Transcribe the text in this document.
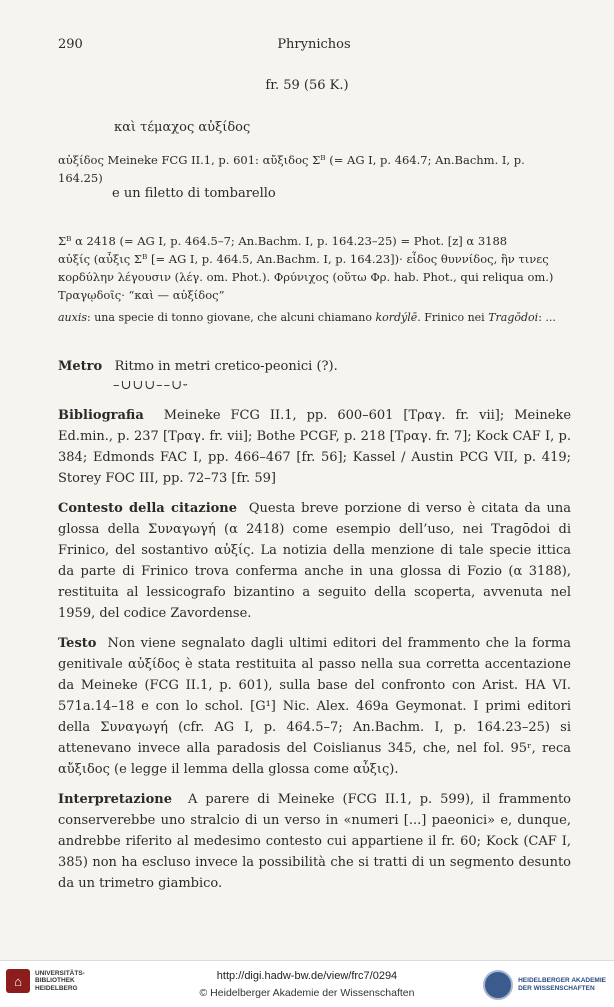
290	Phrynichos
fr. 59 (56 K.)
καὶ τέμαχος αὐξίδος

αὐξίδος Meineke FCG II.1, p. 601: αὔξιδος Σᴮ (= AG I, p. 464.7; An.Bachm. I, p. 164.25)

e un filetto di tombarello

Σᴮ α 2418 (= AG I, p. 464.5–7; An.Bachm. I, p. 164.23–25) = Phot. [z] α 3188

αὐξίς (αὖξις Σᴮ [= AG I, p. 464.5, An.Bachm. I, p. 164.23])· εἶδος θυννίδος, ἣν τινες

κορδύλην λέγουσιν (λέγ. om. Phot.). Φρύνιχος (οὕτω Φρ. hab. Phot., qui reliqua om.)

Τραγῳδοῖς· “καὶ — αὐξίδος”

auxis: una specie di tonno giovane, che alcuni chiamano kordýlē. Frinico nei Tragōdoi: ...
Metro Ritmo in metri cretico-peonici (?).
–∪∪∪––∪⏑

Bibliografia Meineke FCG II.1, pp. 600–601 [Τραγ. fr. vii]; Meineke Ed.min., p. 237 [Τραγ. fr. vii]; Bothe PCGF, p. 218 [Τραγ. fr. 7]; Kock CAF I, p. 384; Edmonds FAC I, pp. 466–467 [fr. 56]; Kassel / Austin PCG VII, p. 419; Storey FOC III, pp. 72–73 [fr. 59]

Contesto della citazione Questa breve porzione di verso è citata da una glossa della Συναγωγή (α 2418) come esempio dell’uso, nei Tragōdoi di Frinico, del sostantivo αὐξίς. La notizia della menzione di tale specie ittica da parte di Frinico trova conferma anche in una glossa di Fozio (α 3188), restituita al lessicografo bizantino a seguito della scoperta, avvenuta nel 1959, del codice Zavordense.

Testo Non viene segnalato dagli ultimi editori del frammento che la forma genitivale αὐξίδος è stata restituita al passo nella sua corretta accentazione da Meineke (FCG II.1, p. 601), sulla base del confronto con Arist. HA VI. 571a.14–18 e con lo schol. [G¹] Nic. Alex. 469a Geymonat. I primi editori della Συναγωγή (cfr. AG I, p. 464.5–7; An.Bachm. I, p. 164.23–25) si attenevano invece alla paradosis del Coislianus 345, che, nel fol. 95ʳ, reca αὔξιδος (e legge il lemma della glossa come αὖξις).

Interpretazione A parere di Meineke (FCG II.1, p. 599), il frammento conserverebbe uno stralcio di un verso in «numeri [...] paeonici» e, dunque, andrebbe riferito al medesimo contesto cui appartiene il fr. 60; Kock (CAF I, 385) non ha escluso invece la possibilità che si tratti di un segmento desunto da un trimetro giambico.

⌂
UNIVERSITÄTS-
BIBLIOTHEK
HEIDELBERG
http://digi.hadw-bw.de/view/frc7/0294
© Heidelberger Akademie der Wissenschaften
HEIDELBERGER AKADEMIE
DER WISSENSCHAFTEN
